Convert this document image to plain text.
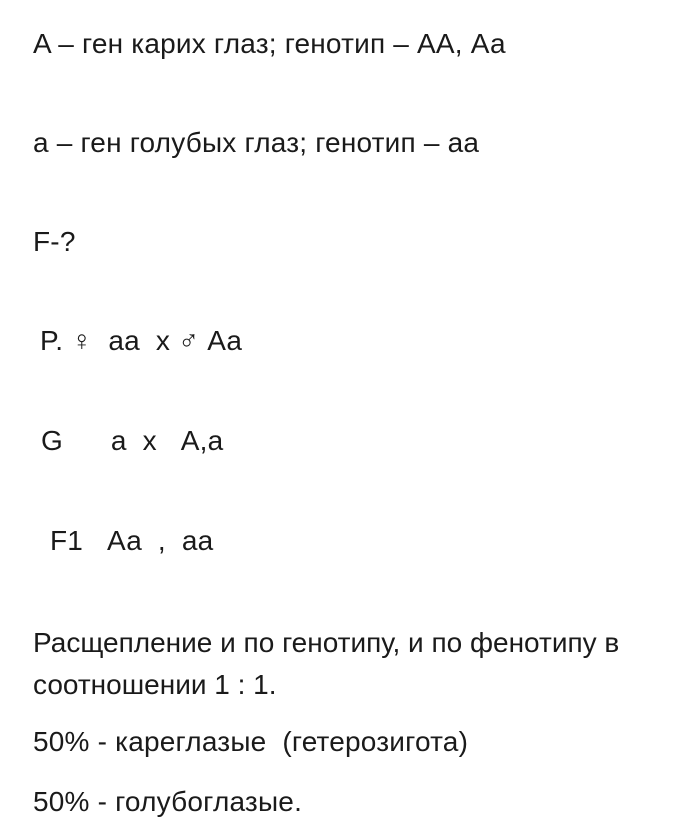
A – ген карих глаз; генотип – АА, Аа
а – ген голубых глаз; генотип – аа
F-?
P. ♀  аа  х ♂ Аа
G      а  х   А,а
F1   Аа  ,  аа
Расщепление и по генотипу, и по фенотипу в соотношении 1 : 1.
50% - кареглазые  (гетерозигота)
50% - голубоглазые.
